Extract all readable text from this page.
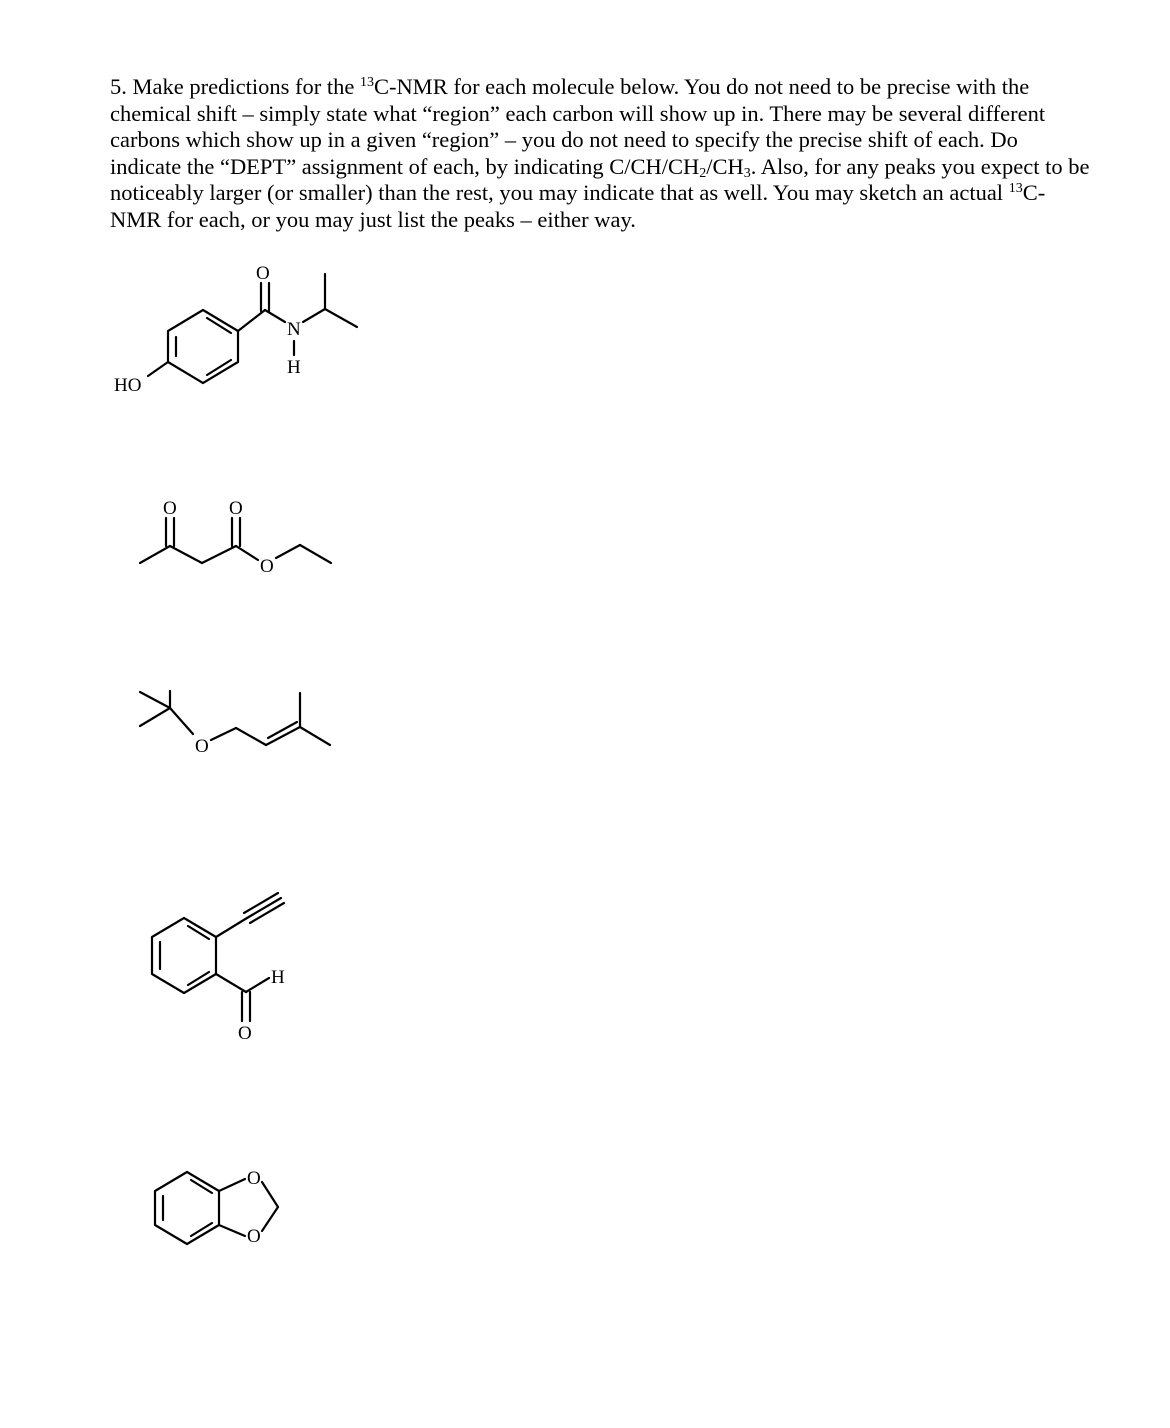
5. Make predictions for the $^{13}$C-NMR for each molecule below. You do not need to be precise with the chemical shift – simply state what “region” each carbon will show up in. There may be several different carbons which show up in a given “region” – you do not need to specify the precise shift of each. Do indicate the “DEPT” assignment of each, by indicating $C/CH/CH_2/CH_3$. Also, for any peaks you expect to be noticeably larger (or smaller) than the rest, you may indicate that as well. You may sketch an actual $^{13}$C-NMR for each, or you may just list the peaks – either way.
HO
O
N
H
O	O
O
O
H
O
O
O
